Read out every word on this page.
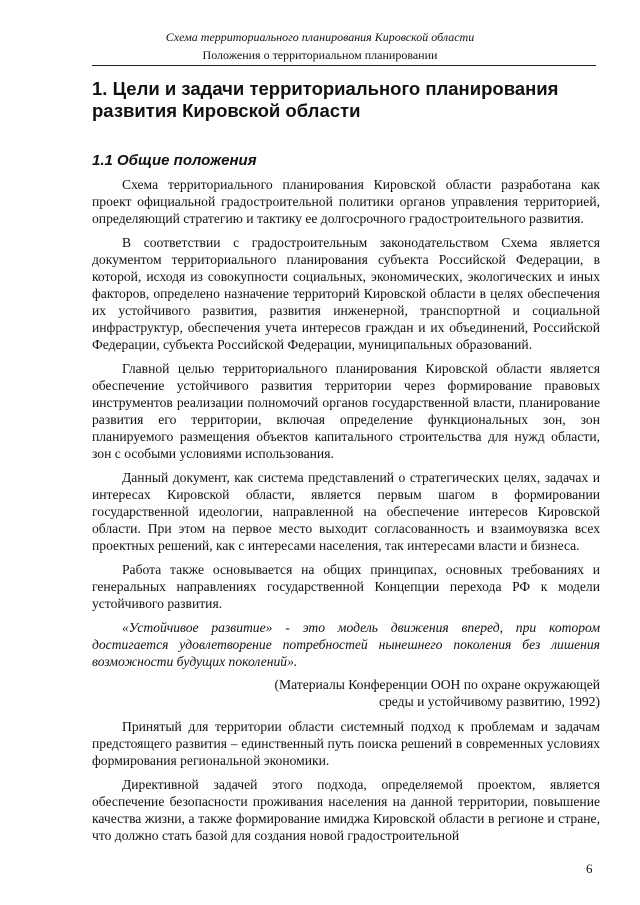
Схема территориального планирования Кировской области
Положения о территориальном планировании
1. Цели и задачи территориального планирования развития Кировской области
1.1 Общие положения

Схема территориального планирования Кировской области разработана как проект официальной градостроительной политики органов управления территорией, определяющий стратегию и тактику ее долгосрочного градостроительного развития.

В соответствии с градостроительным законодательством Схема является документом территориального планирования субъекта Российской Федерации, в которой, исходя из совокупности социальных, экономических, экологических и иных факторов, определено назначение территорий Кировской области в целях обеспечения их устойчивого развития, развития инженерной, транспортной и социальной инфраструктур, обеспечения учета интересов граждан и их объединений, Российской Федерации, субъекта Российской Федерации, муниципальных образований.

Главной целью территориального планирования Кировской области является обеспечение устойчивого развития территории через формирование правовых инструментов реализации полномочий органов государственной власти, планирование развития его территории, включая определение функциональных зон, зон планируемого размещения объектов капитального строительства для нужд области, зон с особыми условиями использования.

Данный документ, как система представлений о стратегических целях, задачах и интересах Кировской области, является первым шагом в формировании государственной идеологии, направленной на обеспечение интересов Кировской области. При этом на первое место выходит согласованность и взаимоувязка всех проектных решений, как с интересами населения, так интересами власти и бизнеса.

Работа также основывается на общих принципах, основных требованиях и генеральных направлениях государственной Концепции перехода РФ к модели устойчивого развития.

«Устойчивое развитие» - это модель движения вперед, при котором достигается удовлетворение потребностей нынешнего поколения без лишения возможности будущих поколений».

(Материалы Конференции ООН по охране окружающей
среды и устойчивому развитию, 1992)

Принятый для территории области системный подход к проблемам и задачам предстоящего развития – единственный путь поиска решений в современных условиях формирования региональной экономики.

Директивной задачей этого подхода, определяемой проектом, является обеспечение безопасности проживания населения на данной территории, повышение качества жизни, а также формирование имиджа Кировской области в регионе и стране, что должно стать базой для создания новой градостроительной

6
